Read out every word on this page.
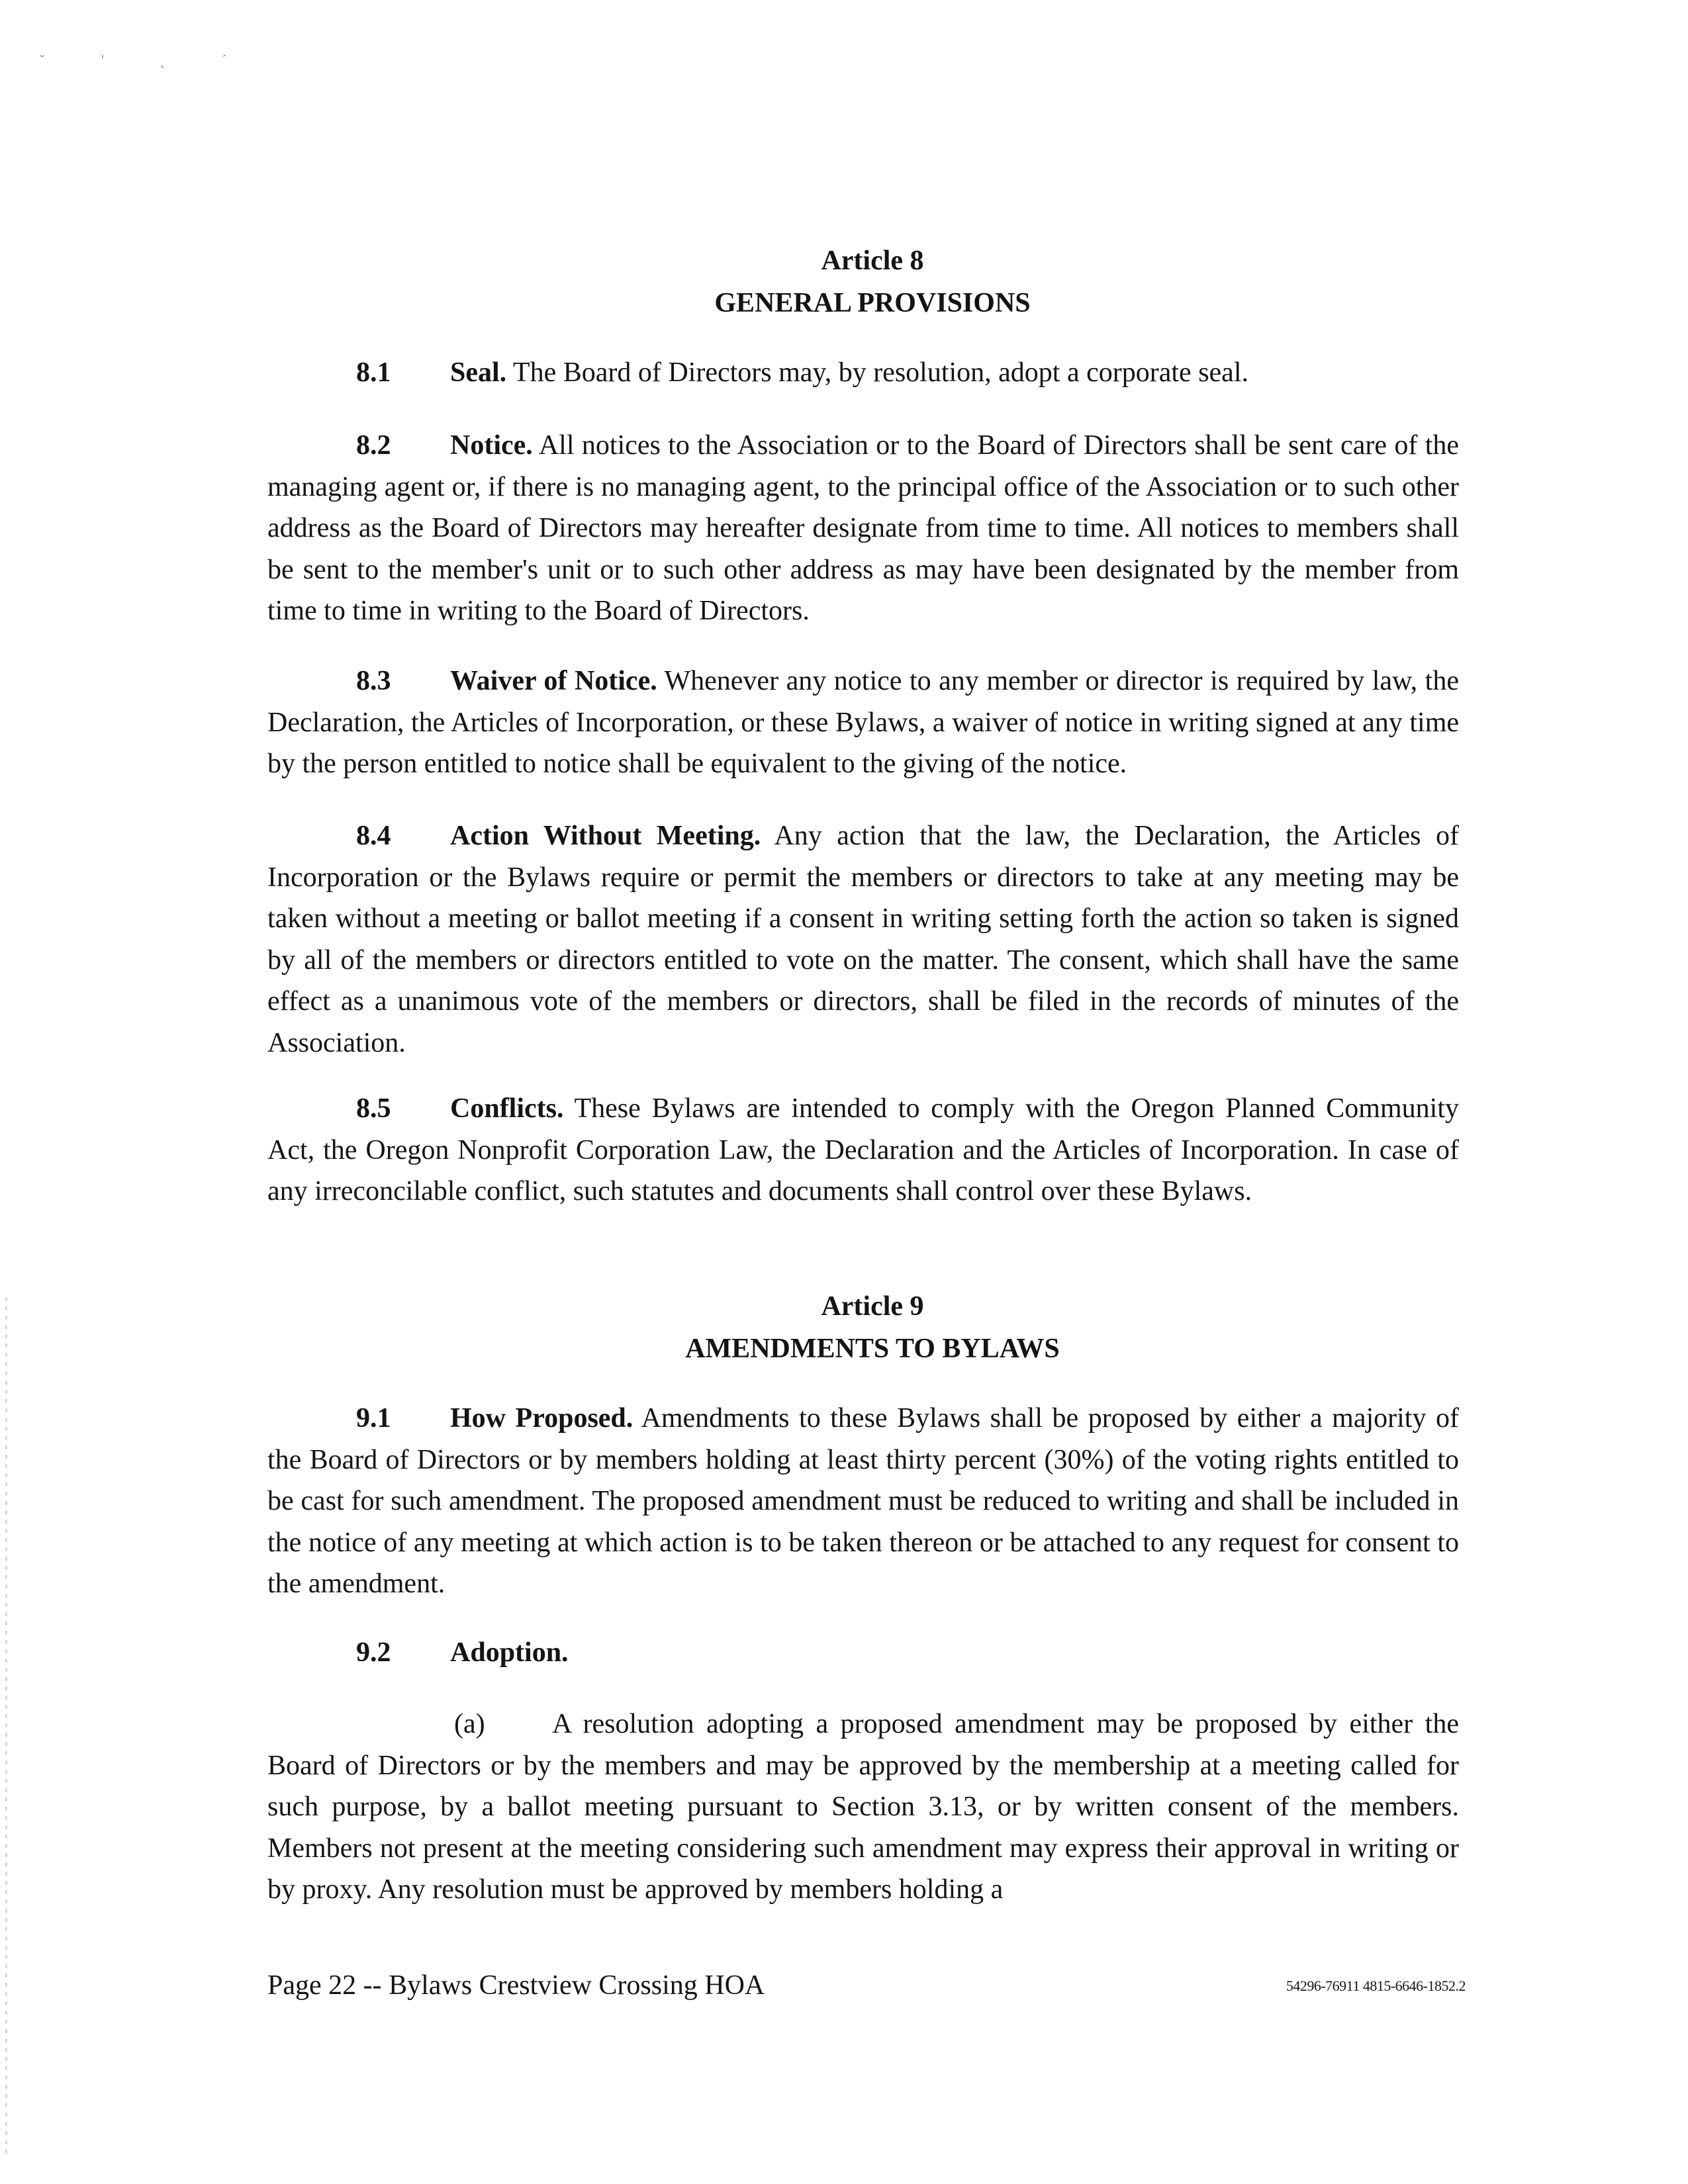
˘ ' ˛ ´
Article 8
GENERAL PROVISIONS
8.1 Seal. The Board of Directors may, by resolution, adopt a corporate seal.
8.2 Notice. All notices to the Association or to the Board of Directors shall be sent care of the managing agent or, if there is no managing agent, to the principal office of the Association or to such other address as the Board of Directors may hereafter designate from time to time. All notices to members shall be sent to the member's unit or to such other address as may have been designated by the member from time to time in writing to the Board of Directors.
8.3 Waiver of Notice. Whenever any notice to any member or director is required by law, the Declaration, the Articles of Incorporation, or these Bylaws, a waiver of notice in writing signed at any time by the person entitled to notice shall be equivalent to the giving of the notice.
8.4 Action Without Meeting. Any action that the law, the Declaration, the Articles of Incorporation or the Bylaws require or permit the members or directors to take at any meeting may be taken without a meeting or ballot meeting if a consent in writing setting forth the action so taken is signed by all of the members or directors entitled to vote on the matter. The consent, which shall have the same effect as a unanimous vote of the members or directors, shall be filed in the records of minutes of the Association.
8.5 Conflicts. These Bylaws are intended to comply with the Oregon Planned Community Act, the Oregon Nonprofit Corporation Law, the Declaration and the Articles of Incorporation. In case of any irreconcilable conflict, such statutes and documents shall control over these Bylaws.
Article 9
AMENDMENTS TO BYLAWS
9.1 How Proposed. Amendments to these Bylaws shall be proposed by either a majority of the Board of Directors or by members holding at least thirty percent (30%) of the voting rights entitled to be cast for such amendment. The proposed amendment must be reduced to writing and shall be included in the notice of any meeting at which action is to be taken thereon or be attached to any request for consent to the amendment.
9.2 Adoption.
(a) A resolution adopting a proposed amendment may be proposed by either the Board of Directors or by the members and may be approved by the membership at a meeting called for such purpose, by a ballot meeting pursuant to Section 3.13, or by written consent of the members. Members not present at the meeting considering such amendment may express their approval in writing or by proxy. Any resolution must be approved by members holding a
Page 22 -- Bylaws Crestview Crossing HOA	54296-76911 4815-6646-1852.2
